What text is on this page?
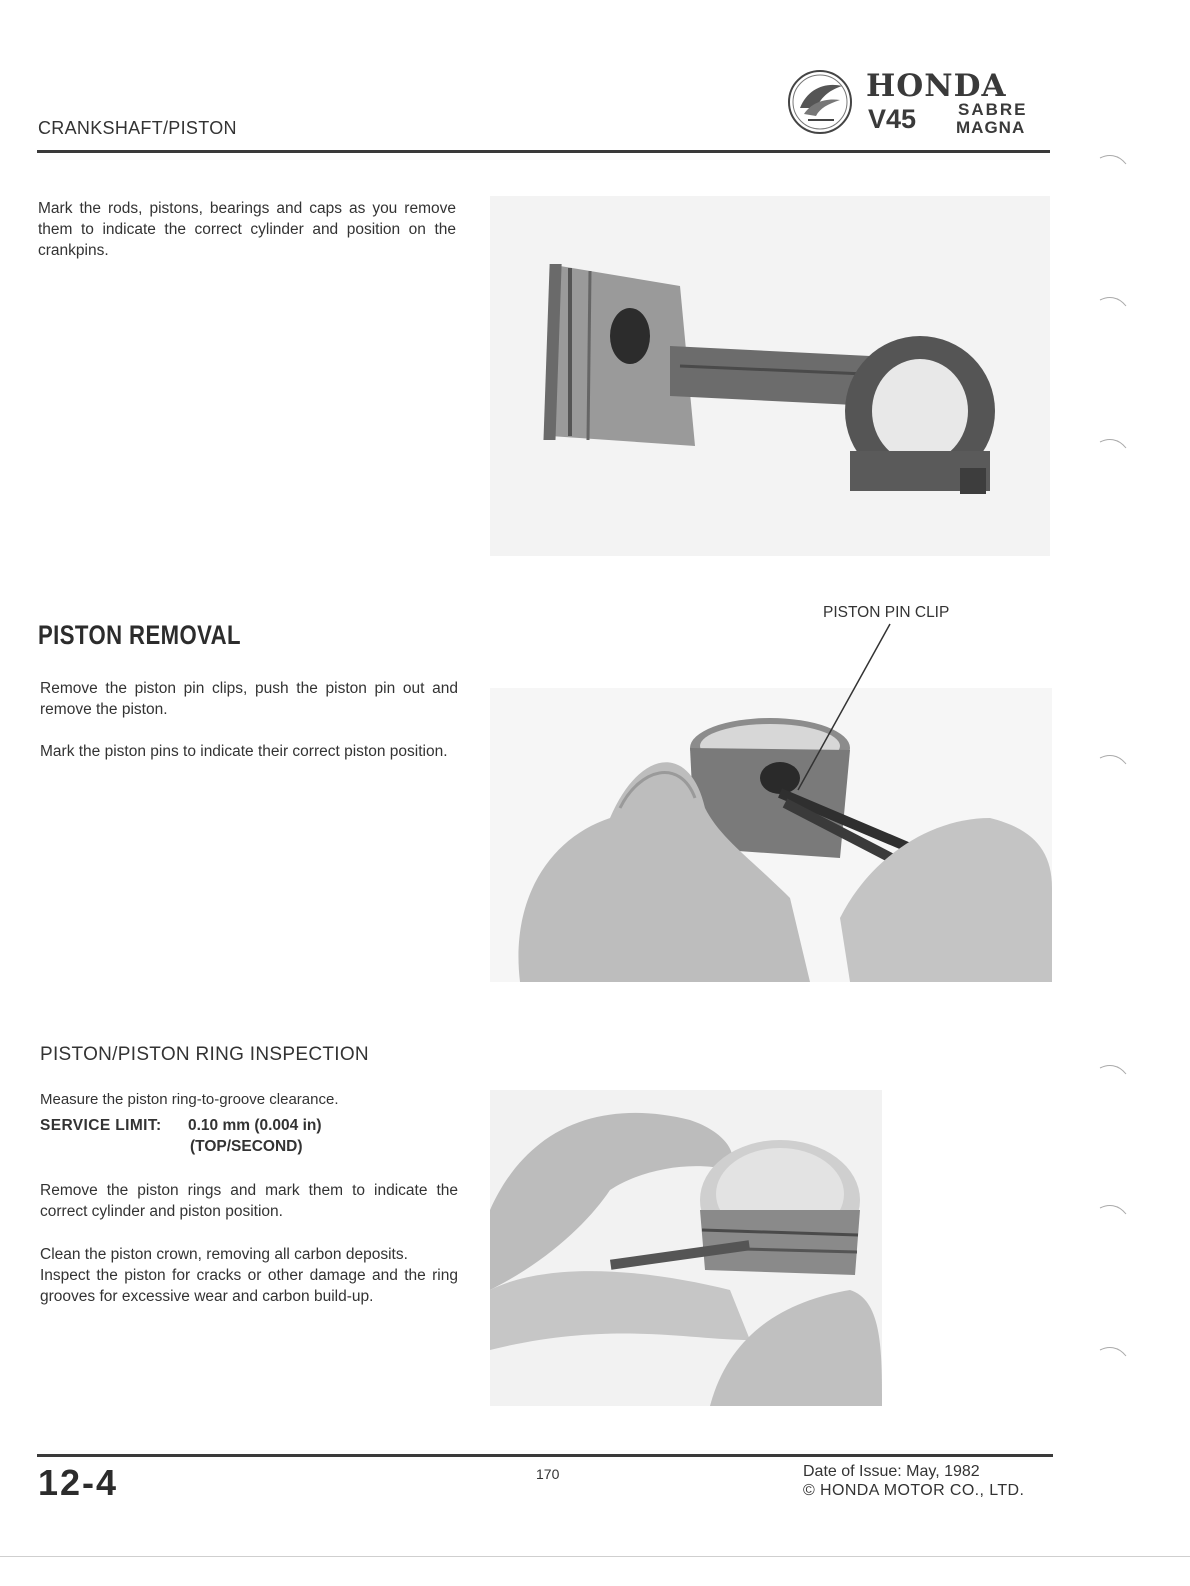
CRANKSHAFT/PISTON
HONDA
V45 SABRE
MAGNA
Mark the rods, pistons, bearings and caps as you remove them to indicate the correct cylinder and position on the crankpins.
PISTON REMOVAL

Remove the piston pin clips, push the piston pin out and remove the piston.

Mark the piston pins to indicate their correct piston position.

PISTON PIN CLIP
PISTON/PISTON RING INSPECTION
Measure the piston ring-to-groove clearance.
SERVICE LIMIT: 0.10 mm (0.004 in)
(TOP/SECOND)

Remove the piston rings and mark them to indicate the correct cylinder and piston position.

Clean the piston crown, removing all carbon deposits.

Inspect the piston for cracks or other damage and the ring grooves for excessive wear and carbon build-up.

12-4	170	Date of Issue: May, 1982
© HONDA MOTOR CO., LTD.
